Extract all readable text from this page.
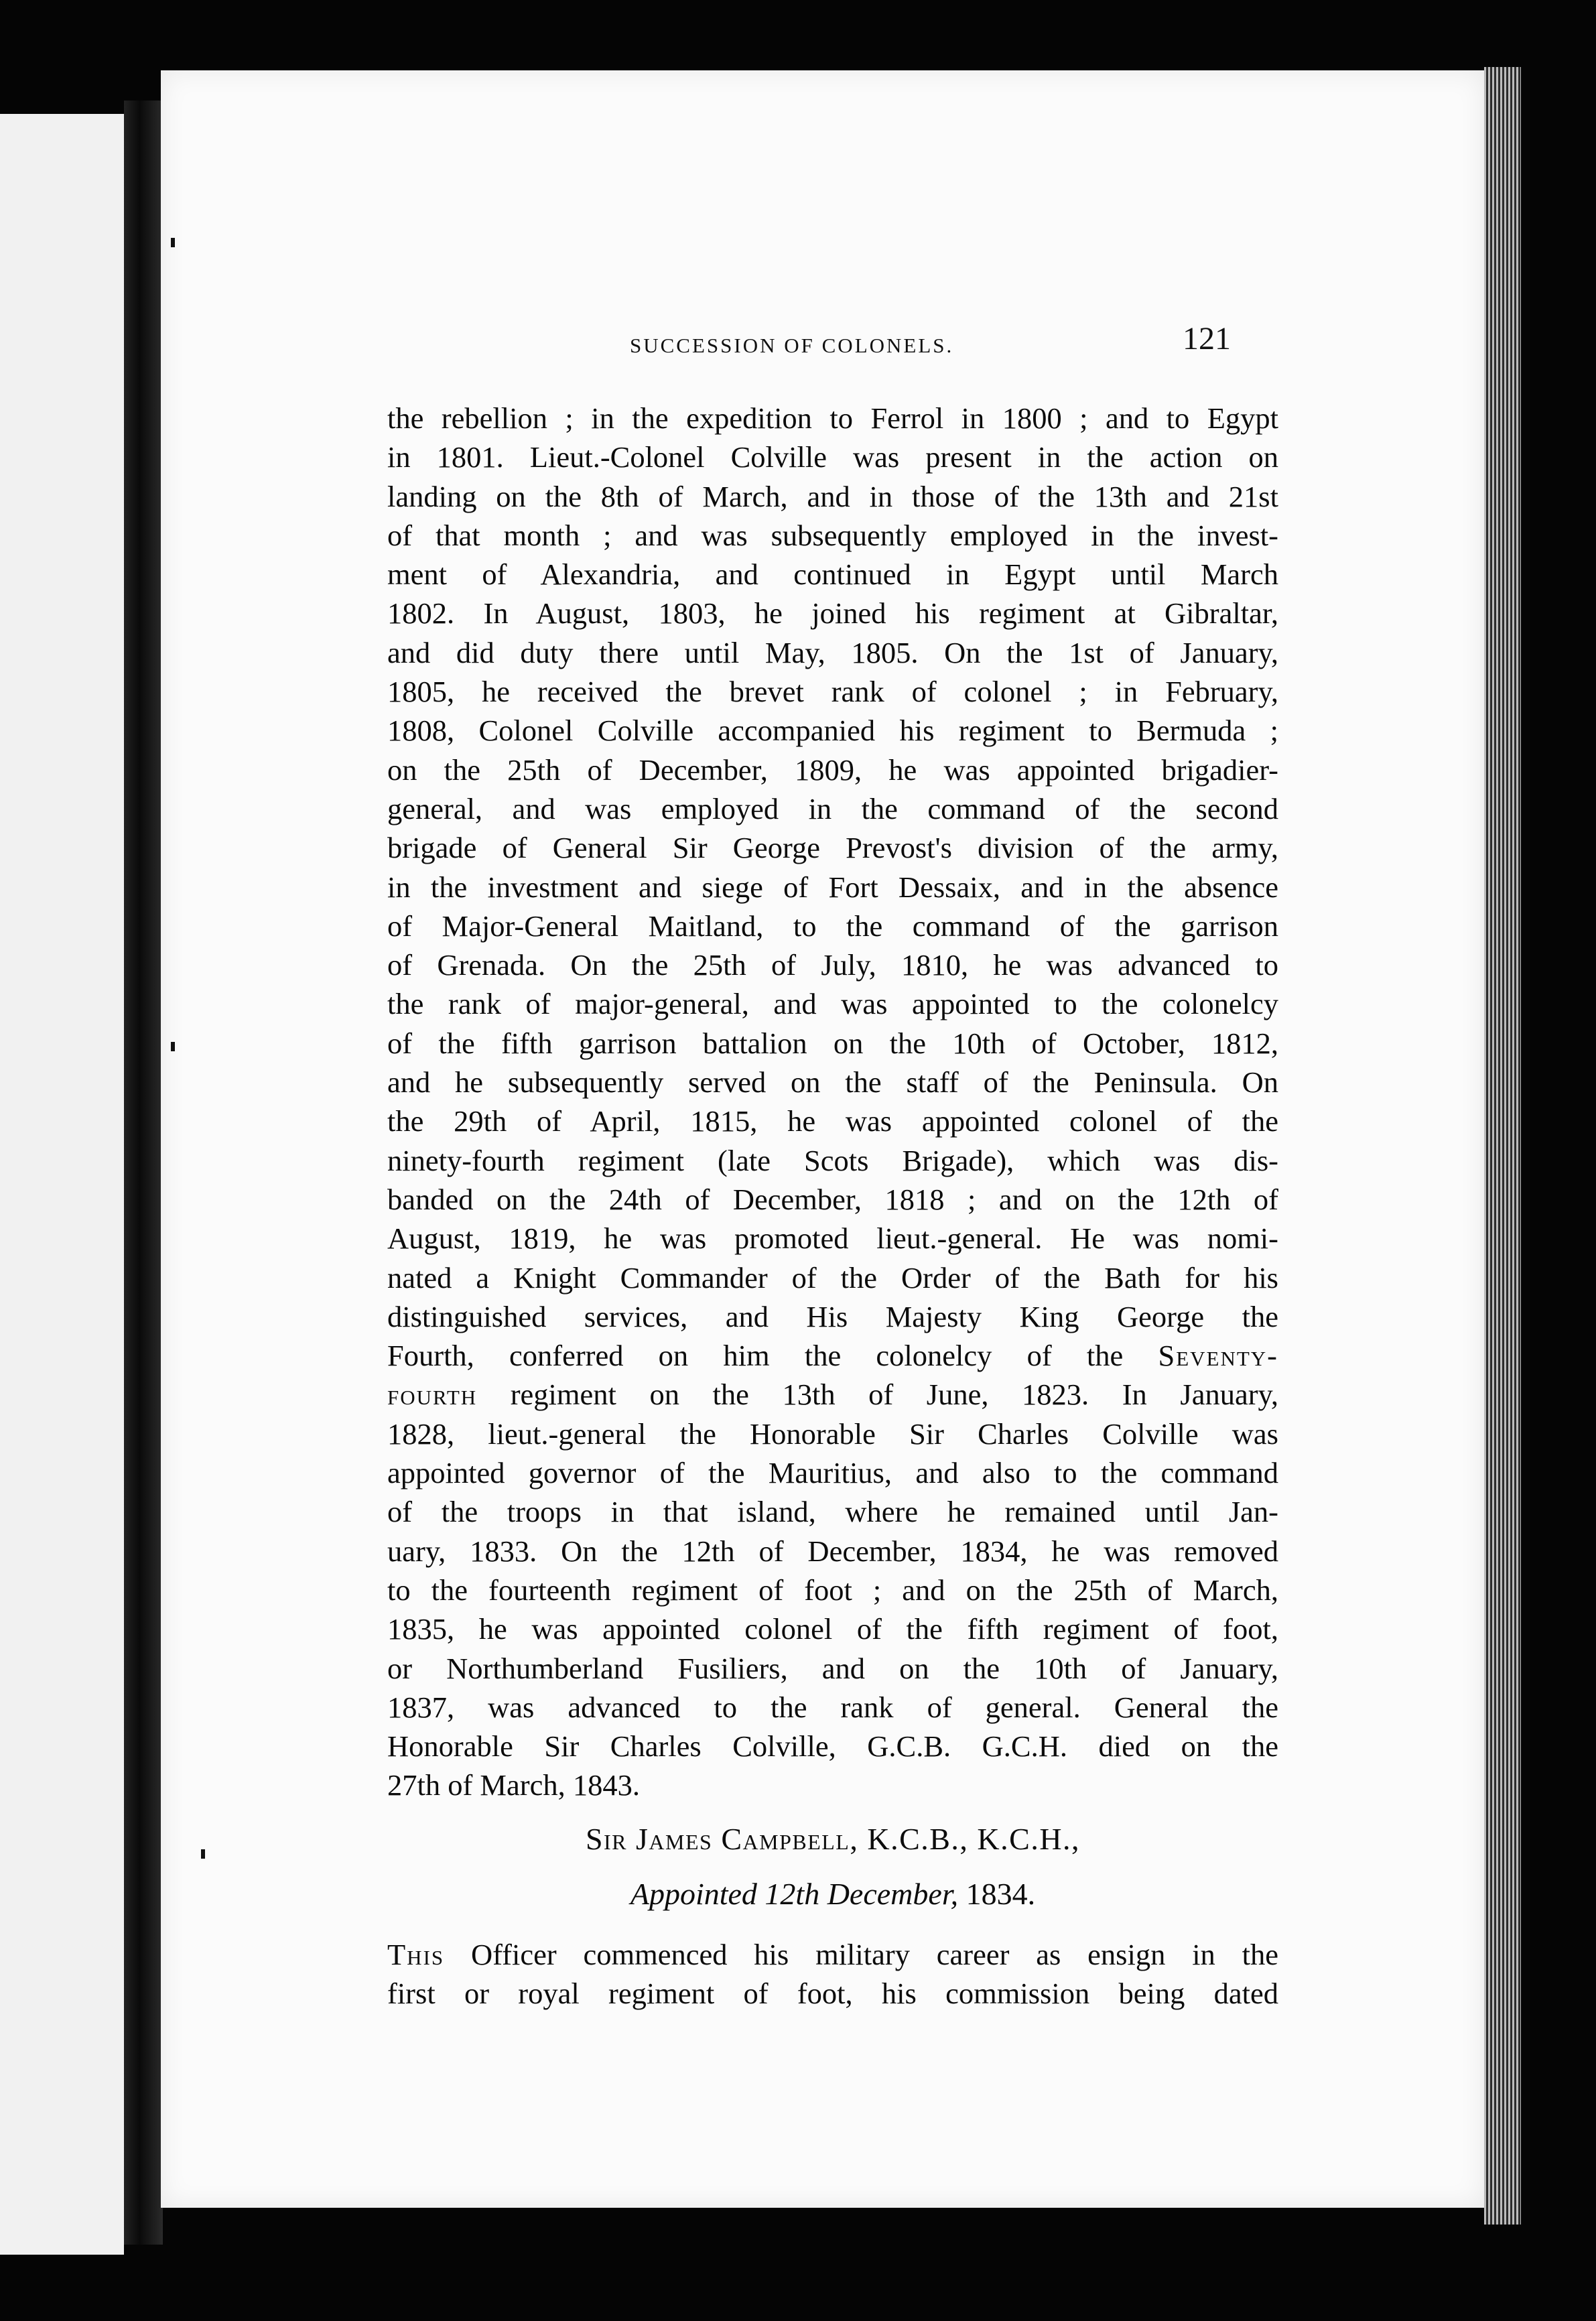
SUCCESSION OF COLONELS.	121
the rebellion ; in the expedition to Ferrol in 1800 ; and to Egypt
in 1801. Lieut.-Colonel Colville was present in the action on
landing on the 8th of March, and in those of the 13th and 21st
of that month ; and was subsequently employed in the invest-
ment of Alexandria, and continued in Egypt until March
1802. In August, 1803, he joined his regiment at Gibraltar,
and did duty there until May, 1805. On the 1st of January,
1805, he received the brevet rank of colonel ; in February,
1808, Colonel Colville accompanied his regiment to Bermuda ;
on the 25th of December, 1809, he was appointed brigadier-
general, and was employed in the command of the second
brigade of General Sir George Prevost's division of the army,
in the investment and siege of Fort Dessaix, and in the absence
of Major-General Maitland, to the command of the garrison
of Grenada. On the 25th of July, 1810, he was advanced to
the rank of major-general, and was appointed to the colonelcy
of the fifth garrison battalion on the 10th of October, 1812,
and he subsequently served on the staff of the Peninsula. On
the 29th of April, 1815, he was appointed colonel of the
ninety-fourth regiment (late Scots Brigade), which was dis-
banded on the 24th of December, 1818 ; and on the 12th of
August, 1819, he was promoted lieut.-general. He was nomi-
nated a Knight Commander of the Order of the Bath for his
distinguished services, and His Majesty King George the
Fourth, conferred on him the colonelcy of the Seventy-
fourth regiment on the 13th of June, 1823. In January,
1828, lieut.-general the Honorable Sir Charles Colville was
appointed governor of the Mauritius, and also to the command
of the troops in that island, where he remained until Jan-
uary, 1833. On the 12th of December, 1834, he was removed
to the fourteenth regiment of foot ; and on the 25th of March,
1835, he was appointed colonel of the fifth regiment of foot,
or Northumberland Fusiliers, and on the 10th of January,
1837, was advanced to the rank of general. General the
Honorable Sir Charles Colville, G.C.B. G.C.H. died on the
27th of March, 1843.
Sir James Campbell, K.C.B., K.C.H.,
Appointed 12th December, 1834.
This Officer commenced his military career as ensign in the
first or royal regiment of foot, his commission being dated
